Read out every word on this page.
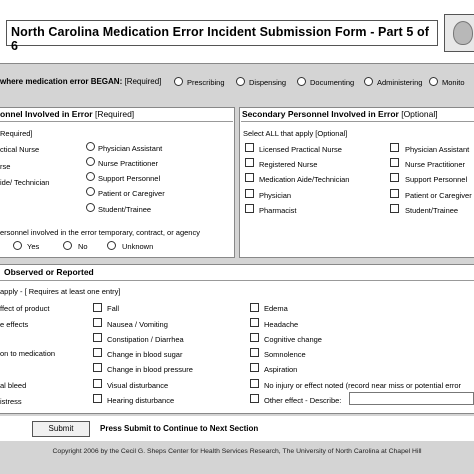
North Carolina Medication Error Incident Submission Form - Part 5 of 6
where medication error BEGAN: [Required]	Prescribing	Dispensing	Documenting	Administering	Monito
onnel Involved in Error [Required]
Required]
ctical Nurse
rse
ide/ Technician
Physician Assistant
Nurse Practitioner
Support Personnel
Patient or Caregiver
Student/Trainee
ersonnel involved in the error temporary, contract, or agency
Yes	No	Unknown
Secondary Personnel Involved in Error [Optional]
Select ALL that apply [Optional]
Licensed Practical Nurse
Registered Nurse
Medication Aide/Technician
Physician
Pharmacist
Physician Assistant
Nurse Practitioner
Support Personnel
Patient or Caregiver
Student/Trainee
Observed or Reported
apply - [ Requires at least one entry]
ffect of product
e effects
on to medication
al bleed
istress
Fall
Nausea / Vomiting
Constipation / Diarrhea
Change in blood sugar
Change in blood pressure
Visual disturbance
Hearing disturbance
Edema
Headache
Cognitive change
Somnolence
Aspiration
No injury or effect noted (record near miss or potential error
Other effect - Describe:
Submit	Press Submit to Continue to Next Section
Copyright 2006 by the Cecil G. Sheps Center for Health Services Research, The University of North Carolina at Chapel Hill
